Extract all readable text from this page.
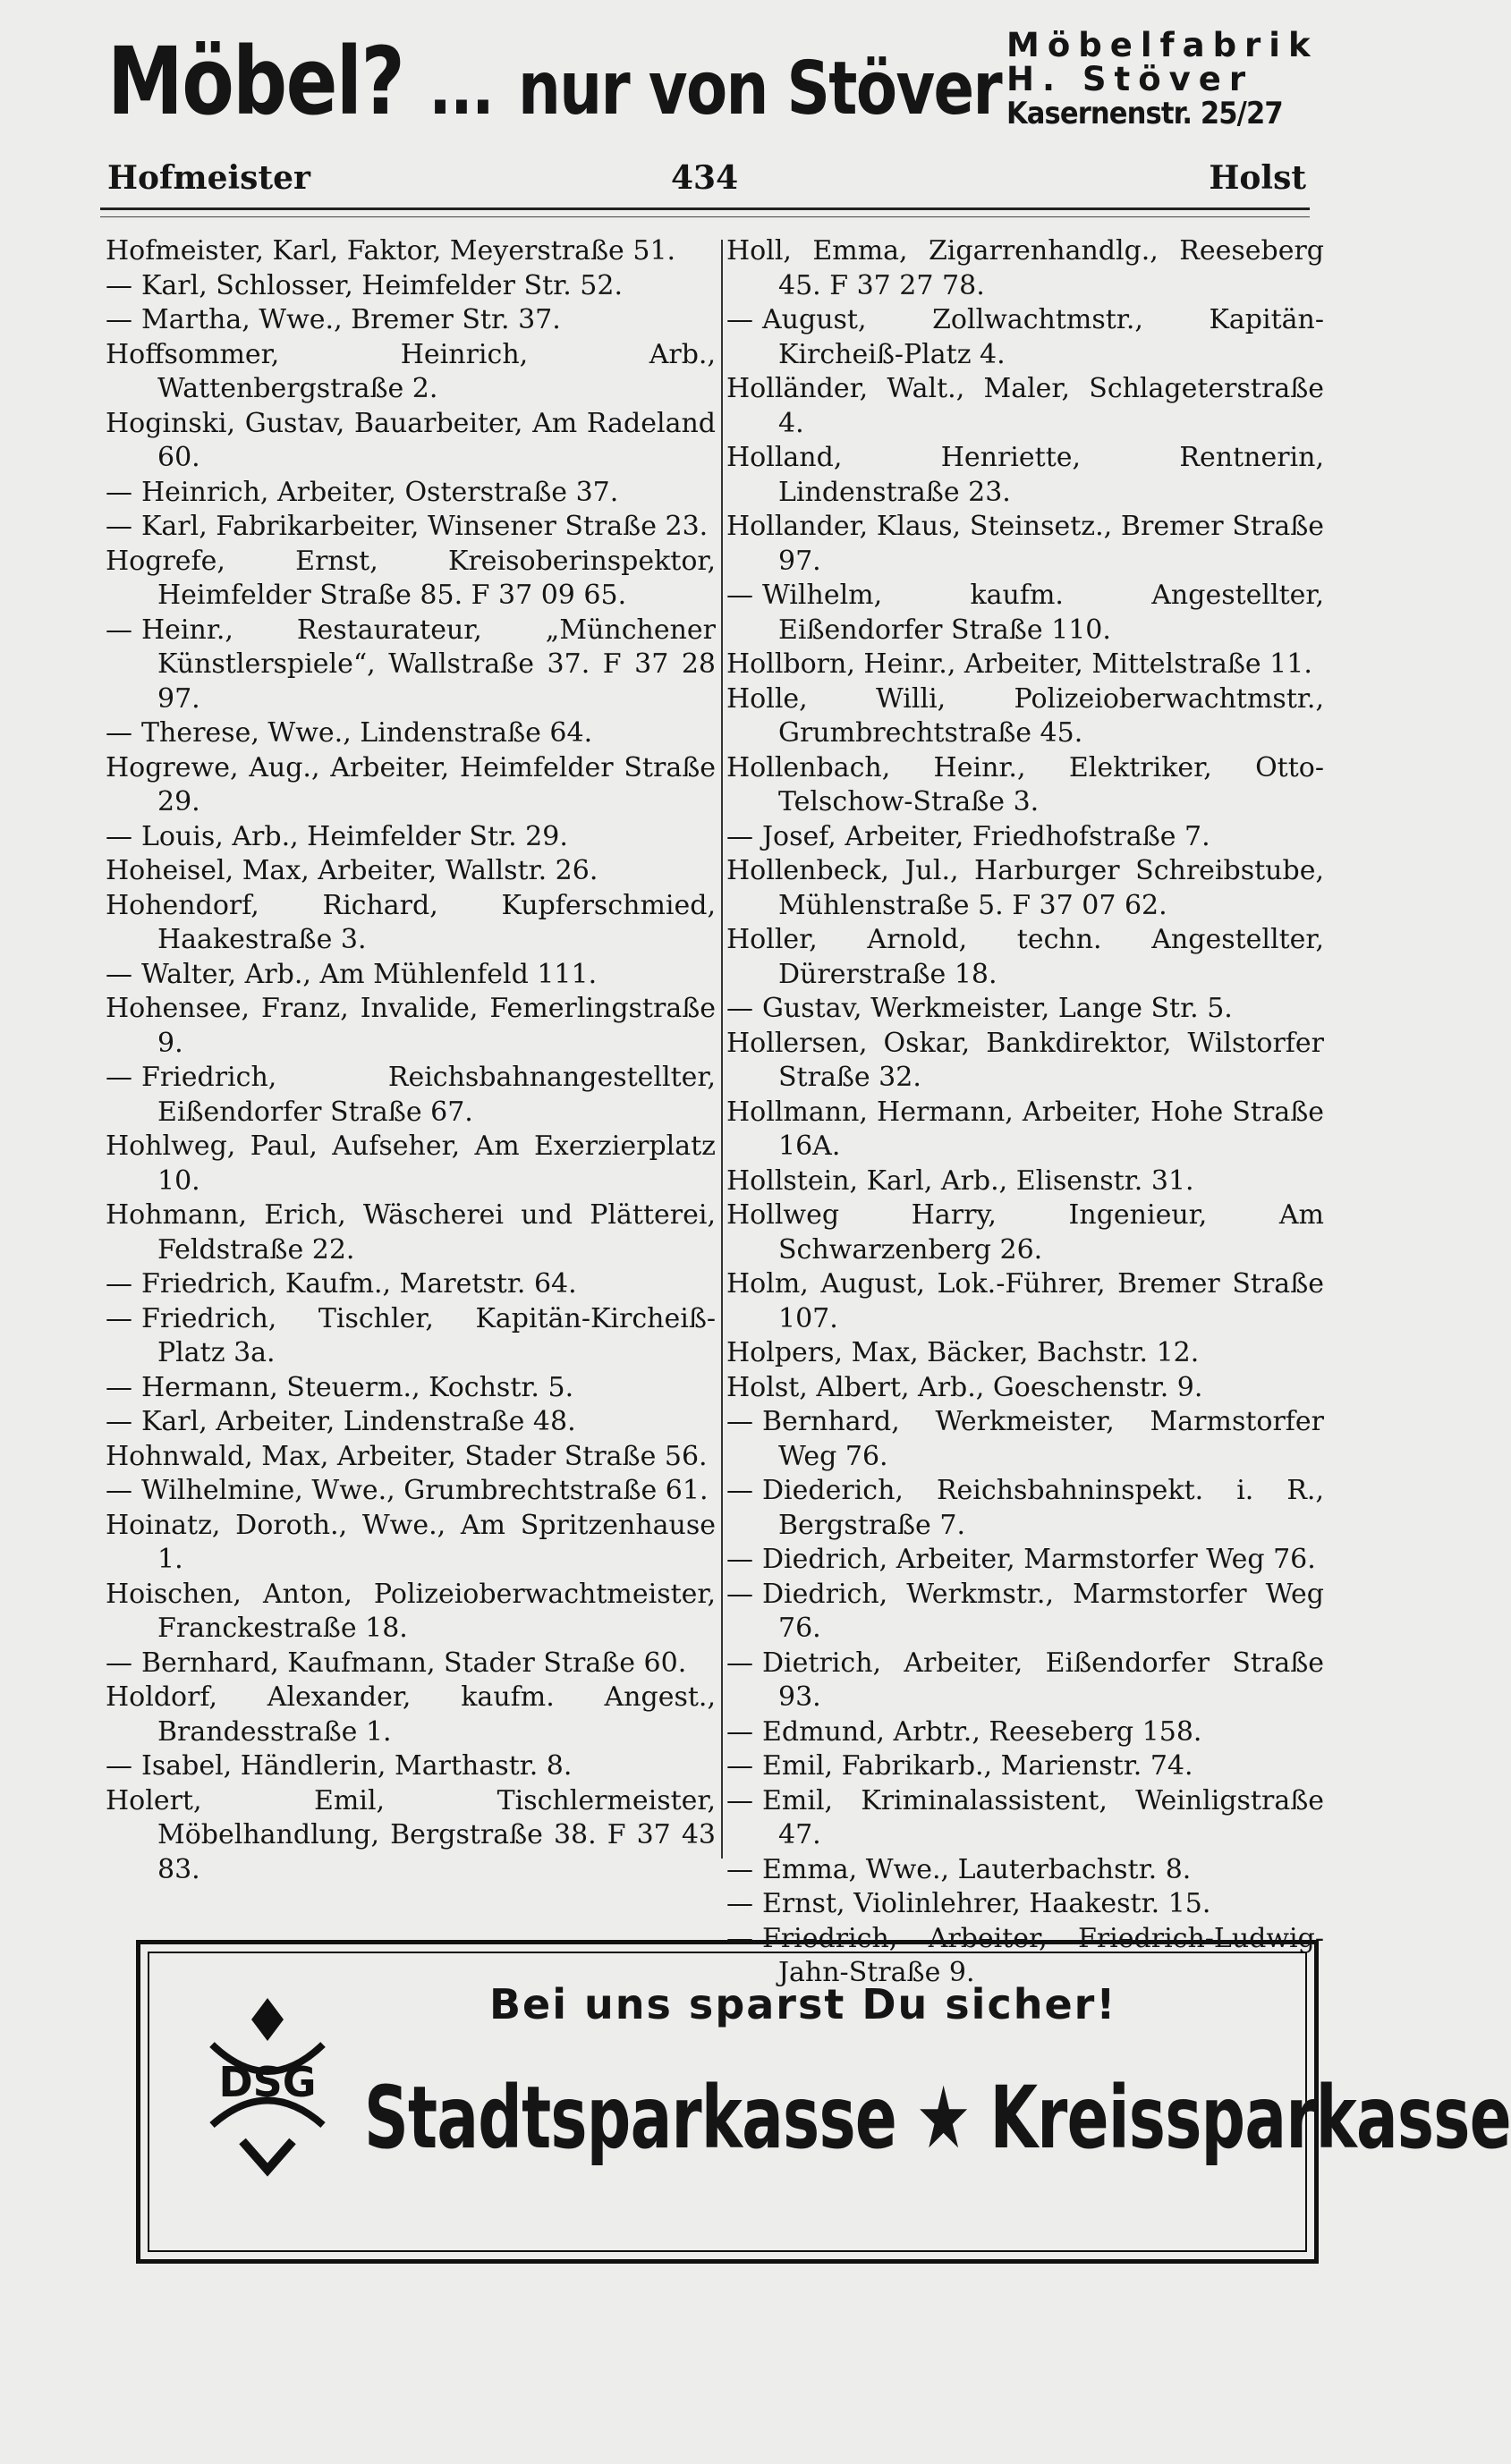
Möbel? ... nur von Stöver
Möbelfabrik
H. Stöver
Kasernenstr. 25/27
Hofmeister	434	Holst

Hofmeister, Karl, Faktor, Meyerstraße 51.

— Karl, Schlosser, Heimfelder Str. 52.

— Martha, Wwe., Bremer Str. 37.

Hoffsommer, Heinrich, Arb., Wattenbergstraße 2.

Hoginski, Gustav, Bauarbeiter, Am Radeland 60.

— Heinrich, Arbeiter, Osterstraße 37.

— Karl, Fabrikarbeiter, Winsener Straße 23.

Hogrefe, Ernst, Kreisoberinspektor, Heimfelder Straße 85. F 37 09 65.

— Heinr., Restaurateur, „Münchener Künstlerspiele“, Wallstraße 37. F 37 28 97.

— Therese, Wwe., Lindenstraße 64.

Hogrewe, Aug., Arbeiter, Heimfelder Straße 29.

— Louis, Arb., Heimfelder Str. 29.

Hoheisel, Max, Arbeiter, Wallstr. 26.

Hohendorf, Richard, Kupferschmied, Haakestraße 3.

— Walter, Arb., Am Mühlenfeld 111.

Hohensee, Franz, Invalide, Femerlingstraße 9.

— Friedrich, Reichsbahnangestellter, Eißendorfer Straße 67.

Hohlweg, Paul, Aufseher, Am Exerzierplatz 10.

Hohmann, Erich, Wäscherei und Plätterei, Feldstraße 22.

— Friedrich, Kaufm., Maretstr. 64.

— Friedrich, Tischler, Kapitän-Kircheiß-Platz 3a.

— Hermann, Steuerm., Kochstr. 5.

— Karl, Arbeiter, Lindenstraße 48.

Hohnwald, Max, Arbeiter, Stader Straße 56.

— Wilhelmine, Wwe., Grumbrechtstraße 61.

Hoinatz, Doroth., Wwe., Am Spritzenhause 1.

Hoischen, Anton, Polizeioberwachtmeister, Franckestraße 18.

— Bernhard, Kaufmann, Stader Straße 60.

Holdorf, Alexander, kaufm. Angest., Brandesstraße 1.

— Isabel, Händlerin, Marthastr. 8.

Holert, Emil, Tischlermeister, Möbelhandlung, Bergstraße 38. F 37 43 83.

Holl, Emma, Zigarrenhandlg., Reeseberg 45. F 37 27 78.

— August, Zollwachtmstr., Kapitän-Kircheiß-Platz 4.

Holländer, Walt., Maler, Schlageterstraße 4.

Holland, Henriette, Rentnerin, Lindenstraße 23.

Hollander, Klaus, Steinsetz., Bremer Straße 97.

— Wilhelm, kaufm. Angestellter, Eißendorfer Straße 110.

Hollborn, Heinr., Arbeiter, Mittelstraße 11.

Holle, Willi, Polizeioberwachtmstr., Grumbrechtstraße 45.

Hollenbach, Heinr., Elektriker, Otto-Telschow-Straße 3.

— Josef, Arbeiter, Friedhofstraße 7.

Hollenbeck, Jul., Harburger Schreibstube, Mühlenstraße 5. F 37 07 62.

Holler, Arnold, techn. Angestellter, Dürerstraße 18.

— Gustav, Werkmeister, Lange Str. 5.

Hollersen, Oskar, Bankdirektor, Wilstorfer Straße 32.

Hollmann, Hermann, Arbeiter, Hohe Straße 16A.

Hollstein, Karl, Arb., Elisenstr. 31.

Hollweg Harry, Ingenieur, Am Schwarzenberg 26.

Holm, August, Lok.-Führer, Bremer Straße 107.

Holpers, Max, Bäcker, Bachstr. 12.

Holst, Albert, Arb., Goeschenstr. 9.

— Bernhard, Werkmeister, Marmstorfer Weg 76.

— Diederich, Reichsbahninspekt. i. R., Bergstraße 7.

— Diedrich, Arbeiter, Marmstorfer Weg 76.

— Diedrich, Werkmstr., Marmstorfer Weg 76.

— Dietrich, Arbeiter, Eißendorfer Straße 93.

— Edmund, Arbtr., Reeseberg 158.

— Emil, Fabrikarb., Marienstr. 74.

— Emil, Kriminalassistent, Weinligstraße 47.

— Emma, Wwe., Lauterbachstr. 8.

— Ernst, Violinlehrer, Haakestr. 15.

— Friedrich, Arbeiter, Friedrich-Ludwig-Jahn-Straße 9.

DSG
Bei uns sparst Du sicher!
Stadtsparkasse ★ Kreissparkasse
